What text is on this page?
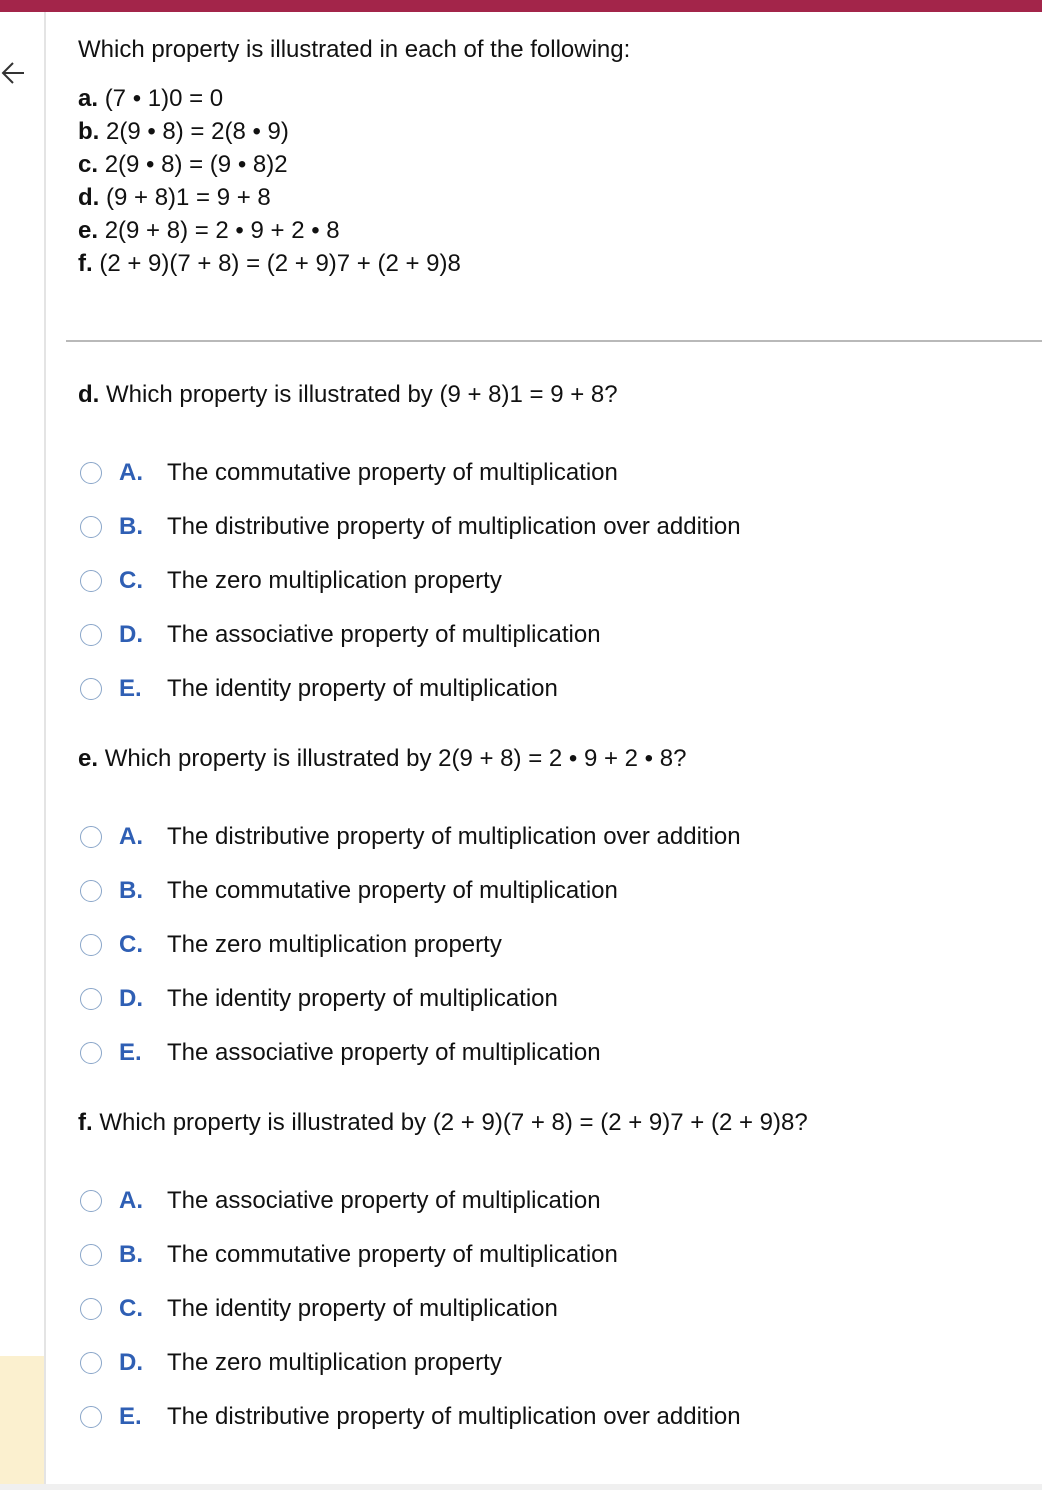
Which property is illustrated in each of the following:

a. (7 • 1)0 = 0
b. 2(9 • 8) = 2(8 • 9)
c. 2(9 • 8) = (9 • 8)2
d. (9 + 8)1 = 9 + 8
e. 2(9 + 8) = 2 • 9 + 2 • 8
f. (2 + 9)(7 + 8) = (2 + 9)7 + (2 + 9)8
d. Which property is illustrated by (9 + 8)1 = 9 + 8?
A.	The commutative property of multiplication
B.	The distributive property of multiplication over addition
C.	The zero multiplication property
D.	The associative property of multiplication
E.	The identity property of multiplication
e. Which property is illustrated by 2(9 + 8) = 2 • 9 + 2 • 8?
A.	The distributive property of multiplication over addition
B.	The commutative property of multiplication
C.	The zero multiplication property
D.	The identity property of multiplication
E.	The associative property of multiplication
f. Which property is illustrated by (2 + 9)(7 + 8) = (2 + 9)7 + (2 + 9)8?
A.	The associative property of multiplication
B.	The commutative property of multiplication
C.	The identity property of multiplication
D.	The zero multiplication property
E.	The distributive property of multiplication over addition
